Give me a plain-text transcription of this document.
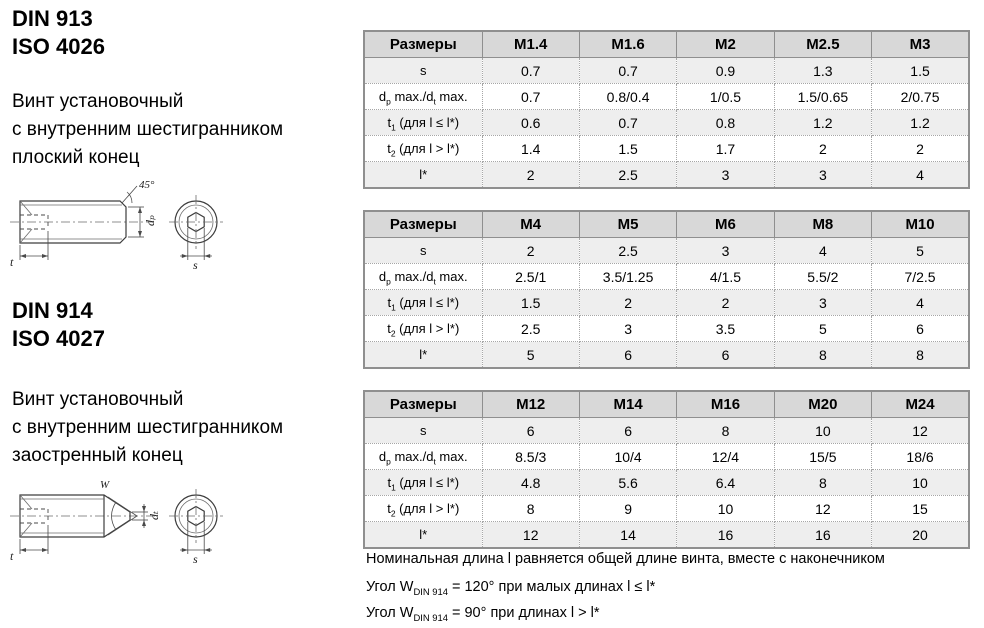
DIN 913
ISO 4026
Винт установочный
с внутренним шестигранником
плоский конец
45°
t
dₚ
s
DIN 914
ISO 4027
Винт установочный
с внутренним шестигранником
заостренный конец
W
t
dₜ
s
Размеры	M1.4	M1.6	M2	M2.5	M3
s	0.7	0.7	0.9	1.3	1.5
$d_p$ $\max./d_t$ max.	0.7	0.8/0.4	1/0.5	1.5/0.65	2/0.75
$t_1$ (для l ≤ l*)	0.6	0.7	0.8	1.2	1.2
$t_2$ (для l > l*)	1.4	1.5	1.7	2	2
l*	2	2.5	3	3	4
Размеры	M4	M5	M6	M8	M10
s	2	2.5	3	4	5
$d_p$ $\max./d_t$ max.	2.5/1	3.5/1.25	4/1.5	5.5/2	7/2.5
$t_1$ (для l ≤ l*)	1.5	2	2	3	4
$t_2$ (для l > l*)	2.5	3	3.5	5	6
l*	5	6	6	8	8
Размеры	M12	M14	M16	M20	M24
s	6	6	8	10	12
$d_p$ $\max./d_t$ max.	8.5/3	10/4	12/4	15/5	18/6
$t_1$ (для l ≤ l*)	4.8	5.6	6.4	8	10
$t_2$ (для l > l*)	8	9	10	12	15
l*	12	14	16	16	20
Номинальная длина l равняется общей длине винта, вместе с наконечником
Угол $W_{DIN 914} = 120^\circ$ при малых длинах l ≤ l*
Угол $W_{DIN 914} = 90^\circ$ при длинах l > l*
